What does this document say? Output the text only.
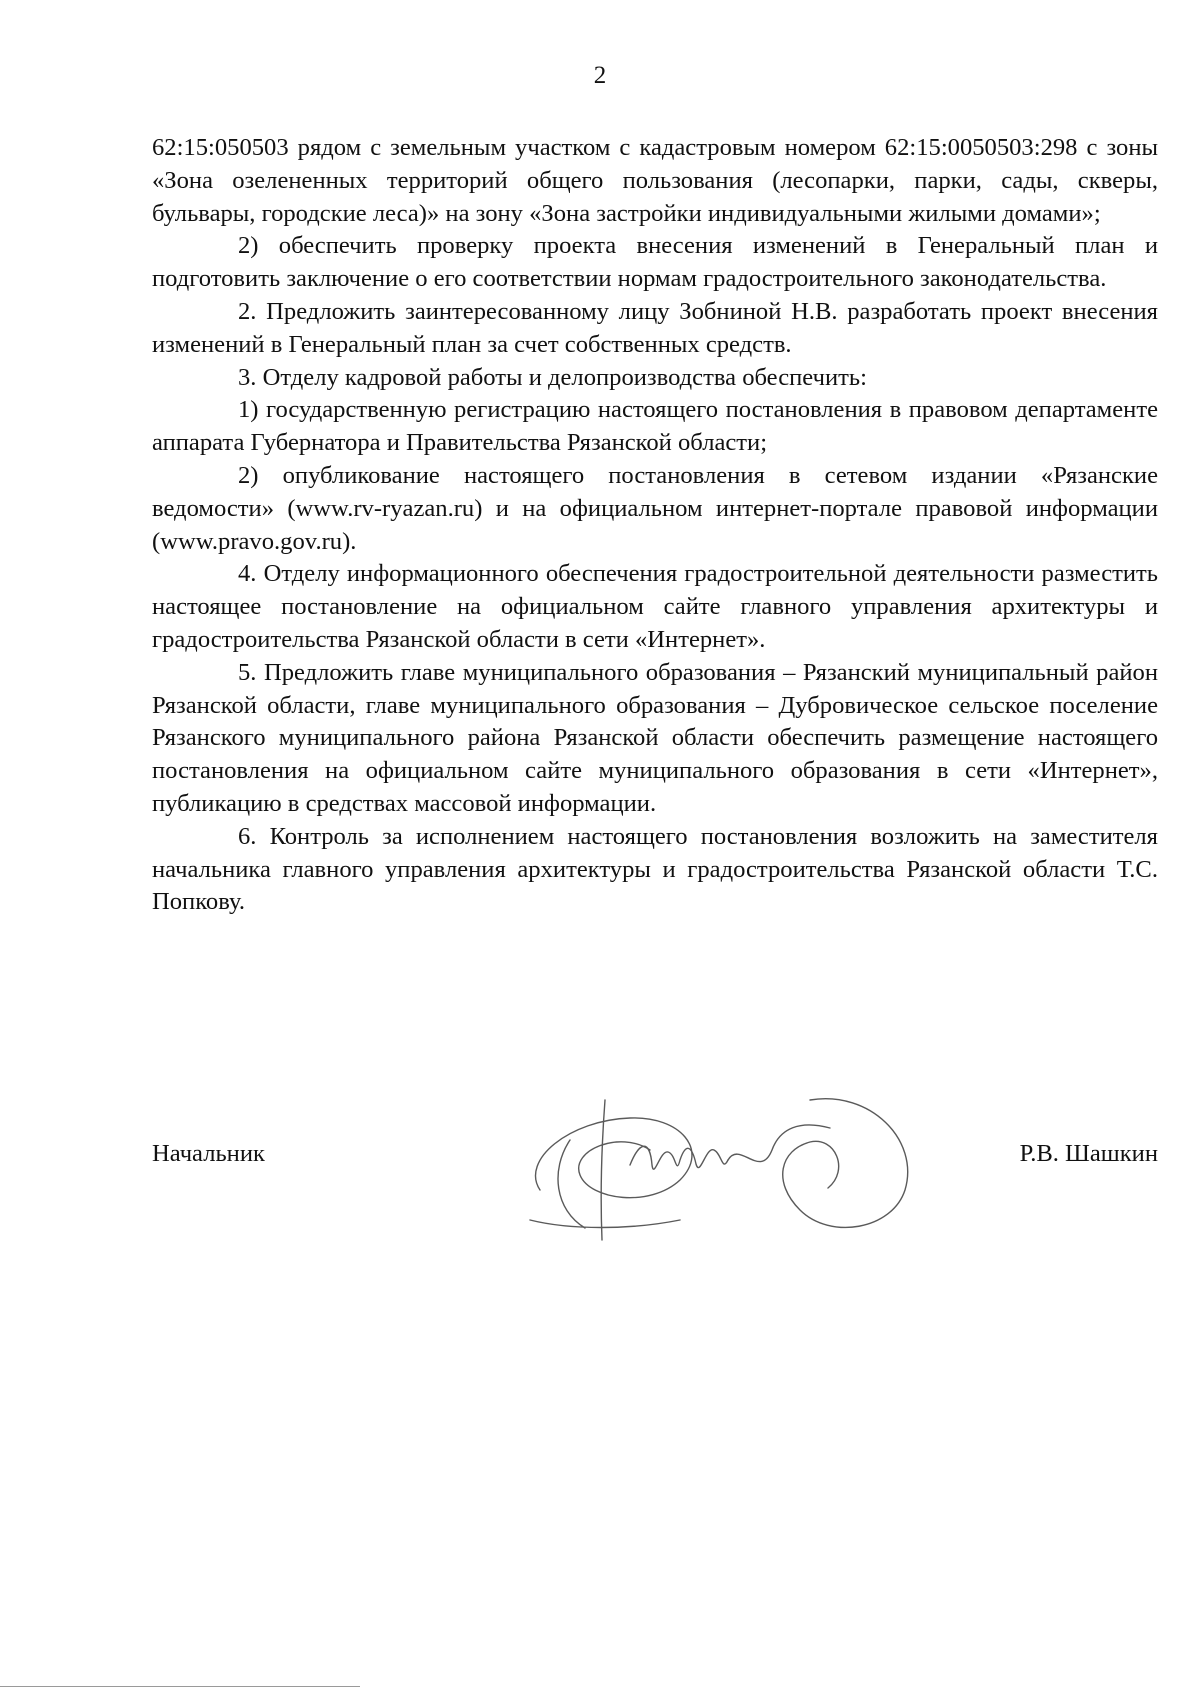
2

62:15:050503 рядом с земельным участком с кадастровым номером 62:15:0050503:298 с зоны «Зона озелененных территорий общего пользования (лесопарки, парки, сады, скверы, бульвары, городские леса)» на зону «Зона застройки индивидуальными жилыми домами»;

2) обеспечить проверку проекта внесения изменений в Генеральный план и подготовить заключение о его соответствии нормам градостроительного законодательства.

2. Предложить заинтересованному лицу Зобниной Н.В. разработать проект внесения изменений в Генеральный план за счет собственных средств.

3. Отделу кадровой работы и делопроизводства обеспечить:

1) государственную регистрацию настоящего постановления в правовом департаменте аппарата Губернатора и Правительства Рязанской области;

2) опубликование настоящего постановления в сетевом издании «Рязанские ведомости» (www.rv-ryazan.ru) и на официальном интернет-портале правовой информации (www.pravo.gov.ru).

4. Отделу информационного обеспечения градостроительной деятельности разместить настоящее постановление на официальном сайте главного управления архитектуры и градостроительства Рязанской области в сети «Интернет».

5. Предложить главе муниципального образования – Рязанский муниципальный район Рязанской области, главе муниципального образования – Дубровическое сельское поселение Рязанского муниципального района Рязанской области обеспечить размещение настоящего постановления на официальном сайте муниципального образования в сети «Интернет», публикацию в средствах массовой информации.

6. Контроль за исполнением настоящего постановления возложить на заместителя начальника главного управления архитектуры и градостроительства Рязанской области Т.С. Попкову.

Начальник	Р.В. Шашкин
